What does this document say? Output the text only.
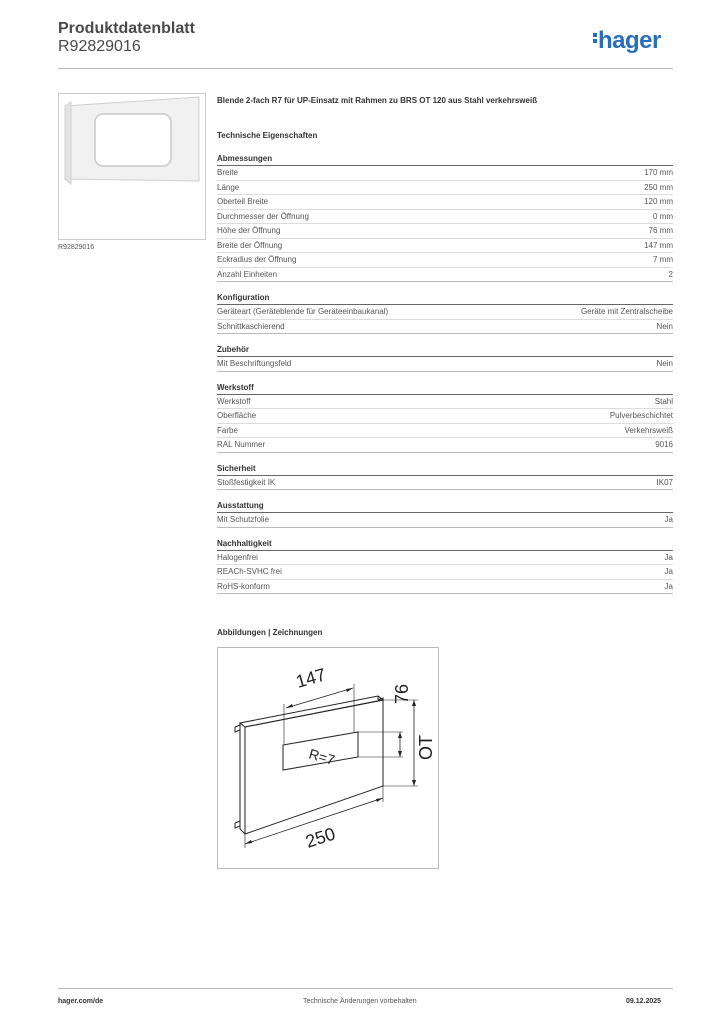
Produktdatenblatt
R92829016	hager
R92829016
Blende 2-fach R7 für UP-Einsatz mit Rahmen zu BRS OT 120 aus Stahl verkehrsweiß
Technische Eigenschaften
Abmessungen
Breite	170 mm
Länge	250 mm
Oberteil Breite	120 mm
Durchmesser der Öffnung	0 mm
Höhe der Öffnung	76 mm
Breite der Öffnung	147 mm
Eckradius der Öffnung	7 mm
Anzahl Einheiten	2
Konfiguration
Geräteart (Geräteblende für Geräteeinbaukanal)	Geräte mit Zentralscheibe
Schnittkaschierend	Nein
Zubehör
Mit Beschriftungsfeld	Nein
Werkstoff
Werkstoff	Stahl
Oberfläche	Pulverbeschichtet
Farbe	Verkehrsweiß
RAL Nummer	9016
Sicherheit
Stoßfestigkeit IK	IK07
Ausstattung
Mit Schutzfolie	Ja
Nachhaltigkeit
Halogenfrei	Ja
REACh-SVHC frei	Ja
RoHS-konform	Ja
Abbildungen | Zeichnungen
147
76
OT
R=7
250
hager.com/de	Technische Änderungen vorbehalten	09.12.2025
